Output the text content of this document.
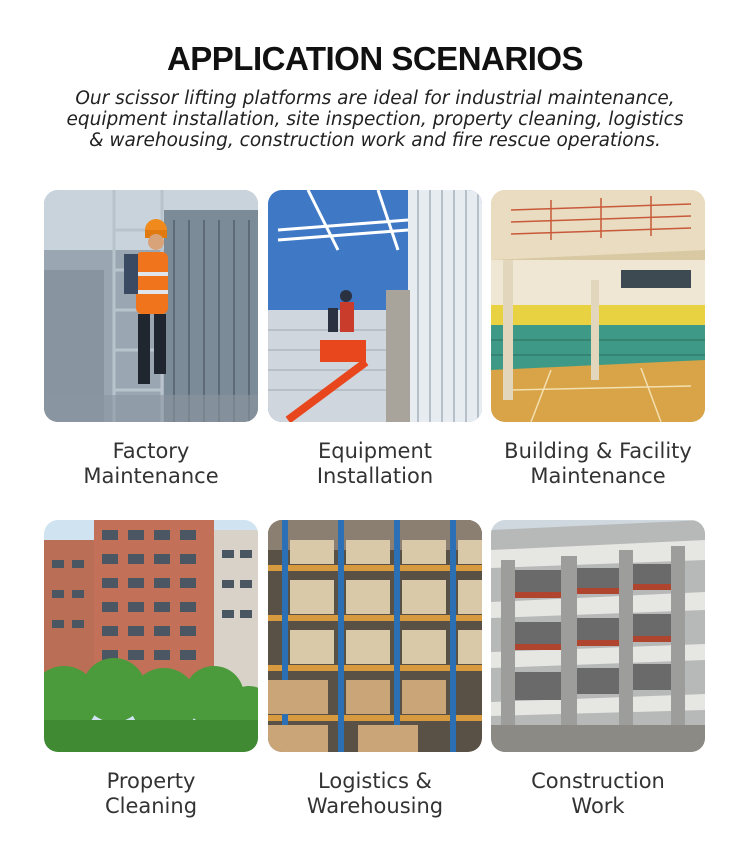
APPLICATION SCENARIOS
Our scissor lifting platforms are ideal for industrial maintenance, equipment installation, site inspection, property cleaning, logistics & warehousing, construction work and fire rescue operations.
Factory
Maintenance
Equipment
Installation
Building & Facility
Maintenance
Property
Cleaning
Logistics &
Warehousing
Construction
Work
